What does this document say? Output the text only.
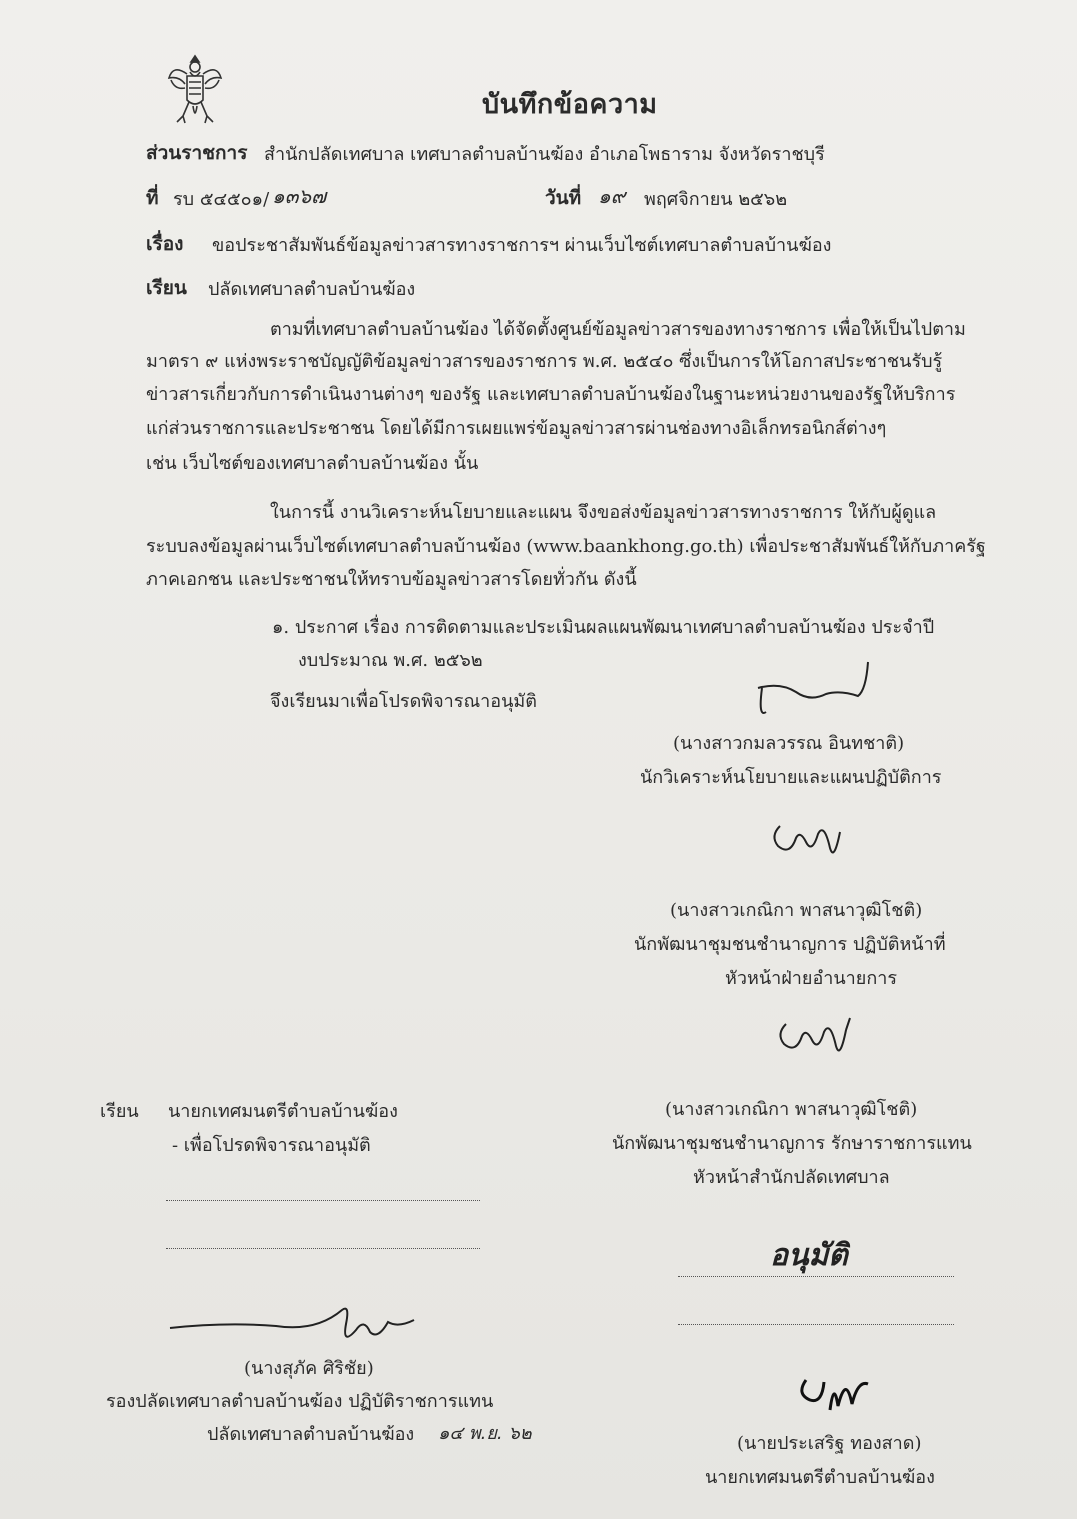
บันทึกข้อความ
ส่วนราชการ สำนักปลัดเทศบาล เทศบาลตำบลบ้านฆ้อง อำเภอโพธาราม จังหวัดราชบุรี
ที่ รบ ๕๔๕๐๑/ ๑๓๖๗	วันที่ ๑๙ พฤศจิกายน ๒๕๖๒
เรื่อง ขอประชาสัมพันธ์ข้อมูลข่าวสารทางราชการฯ ผ่านเว็บไซต์เทศบาลตำบลบ้านฆ้อง
เรียน ปลัดเทศบาลตำบลบ้านฆ้อง
ตามที่เทศบาลตำบลบ้านฆ้อง ได้จัดตั้งศูนย์ข้อมูลข่าวสารของทางราชการ เพื่อให้เป็นไปตาม
มาตรา ๙ แห่งพระราชบัญญัติข้อมูลข่าวสารของราชการ พ.ศ. ๒๕๔๐ ซึ่งเป็นการให้โอกาสประชาชนรับรู้
ข่าวสารเกี่ยวกับการดำเนินงานต่างๆ ของรัฐ และเทศบาลตำบลบ้านฆ้องในฐานะหน่วยงานของรัฐให้บริการ
แก่ส่วนราชการและประชาชน โดยได้มีการเผยแพร่ข้อมูลข่าวสารผ่านช่องทางอิเล็กทรอนิกส์ต่างๆ
เช่น เว็บไซต์ของเทศบาลตำบลบ้านฆ้อง นั้น
ในการนี้ งานวิเคราะห์นโยบายและแผน จึงขอส่งข้อมูลข่าวสารทางราชการ ให้กับผู้ดูแล
ระบบลงข้อมูลผ่านเว็บไซต์เทศบาลตำบลบ้านฆ้อง (www.baankhong.go.th) เพื่อประชาสัมพันธ์ให้กับภาครัฐ
ภาคเอกชน และประชาชนให้ทราบข้อมูลข่าวสารโดยทั่วกัน ดังนี้
๑. ประกาศ เรื่อง การติดตามและประเมินผลแผนพัฒนาเทศบาลตำบลบ้านฆ้อง ประจำปี
งบประมาณ พ.ศ. ๒๕๖๒
จึงเรียนมาเพื่อโปรดพิจารณาอนุมัติ
(นางสาวกมลวรรณ อินทชาติ)
นักวิเคราะห์นโยบายและแผนปฏิบัติการ
(นางสาวเกณิกา พาสนาวุฒิโชติ)
นักพัฒนาชุมชนชำนาญการ ปฏิบัติหน้าที่
หัวหน้าฝ่ายอำนายการ
(นางสาวเกณิกา พาสนาวุฒิโชติ)
นักพัฒนาชุมชนชำนาญการ รักษาราชการแทน
หัวหน้าสำนักปลัดเทศบาล
อนุมัติ
(นายประเสริฐ ทองสาด)
นายกเทศมนตรีตำบลบ้านฆ้อง
เรียน นายกเทศมนตรีตำบลบ้านฆ้อง
- เพื่อโปรดพิจารณาอนุมัติ
(นางสุภัค ศิริชัย)
รองปลัดเทศบาลตำบลบ้านฆ้อง ปฏิบัติราชการแทน
ปลัดเทศบาลตำบลบ้านฆ้อง ๑๔ พ.ย. ๖๒
